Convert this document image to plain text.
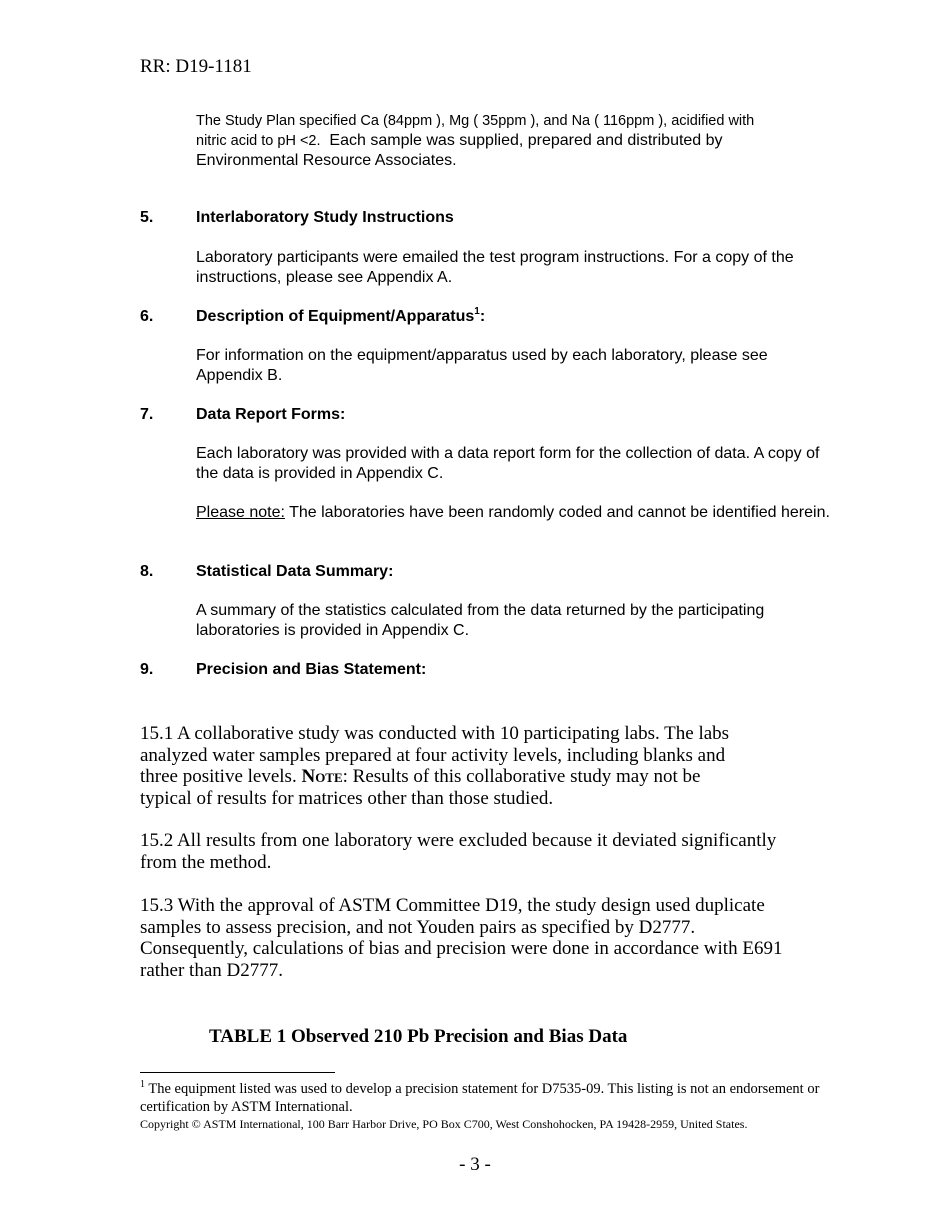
RR: D19-1181
The Study Plan specified Ca (84ppm ), Mg ( 35ppm ), and Na ( 116ppm ), acidified with
nitric acid to pH <2. Each sample was supplied, prepared and distributed by
Environmental Resource Associates.
5.	Interlaboratory Study Instructions
Laboratory participants were emailed the test program instructions. For a copy of the instructions, please see Appendix A.
6.	Description of Equipment/Apparatus$^1$:
For information on the equipment/apparatus used by each laboratory, please see Appendix B.
7.	Data Report Forms:
Each laboratory was provided with a data report form for the collection of data. A copy of the data is provided in Appendix C.
Please note: The laboratories have been randomly coded and cannot be identified herein.
8.	Statistical Data Summary:
A summary of the statistics calculated from the data returned by the participating laboratories is provided in Appendix C.
9.	Precision and Bias Statement:
15.1 A collaborative study was conducted with 10 participating labs. The labs analyzed water samples prepared at four activity levels, including blanks and three positive levels. Note: Results of this collaborative study may not be typical of results for matrices other than those studied.
15.2 All results from one laboratory were excluded because it deviated significantly from the method.
15.3 With the approval of ASTM Committee D19, the study design used duplicate samples to assess precision, and not Youden pairs as specified by D2777. Consequently, calculations of bias and precision were done in accordance with E691 rather than D2777.
TABLE 1 Observed 210 Pb Precision and Bias Data
$^1$ The equipment listed was used to develop a precision statement for D7535-09. This listing is not an endorsement or certification by ASTM International.
Copyright © ASTM International, 100 Barr Harbor Drive, PO Box C700, West Conshohocken, PA 19428-2959, United States.
- 3 -
